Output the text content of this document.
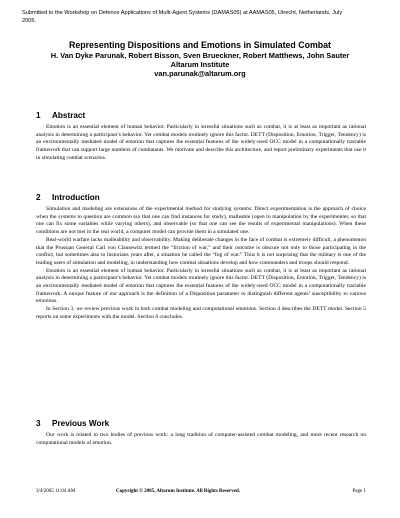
Submitted to the Workshop on Defence Applications of Multi-Agent Systems (DAMAS05) at AAMAS05, Utrecht, Netherlands, July 2005.
Representing Dispositions and Emotions in Simulated Combat
H. Van Dyke Parunak, Robert Bisson, Sven Brueckner, Robert Matthews, John Sauter
Altarum Institute
van.parunak@altarum.org
1 Abstract

Emotion is an essential element of human behavior. Particularly in stressful situations such as combat, it is at least as important as rational analysis in determining a participant’s behavior. Yet combat models routinely ignore this factor. DETT (Disposition, Emotion, Trigger, Tendency) is an environmentally mediated model of emotion that captures the essential features of the widely-used OCC model in a computationally tractable framework that can support large numbers of combatants. We motivate and describe this architecture, and report preliminary experiments that use it in simulating combat scenarios.

2 Introduction

Simulation and modeling are extensions of the experimental method for studying systems: Direct experimentation is the approach of choice when the systems in question are common (so that one can find instances for study), malleable (open to manipulation by the experimenter, so that one can fix some variables while varying others), and observable (so that one can see the results of experimental manipulations). When these conditions are not met in the real world, a computer model can provide them in a simulated one.

Real-world warfare lacks malleability and observability. Making deliberate changes in the face of combat is extremely difficult, a phenomenon that the Prussian General Carl von Clausewitz termed the “friction of war,” and their outcome is obscure not only to those participating in the conflict, but sometimes also to historians years after, a situation he called the “fog of war.” Thus it is not surprising that the military is one of the leading users of simulation and modeling, in understanding how combat situations develop and how commanders and troops should respond.

Emotion is an essential element of human behavior. Particularly in stressful situations such as combat, it is at least as important as rational analysis in determining a participant’s behavior. Yet combat models routinely ignore this factor. DETT (Disposition, Emotion, Trigger, Tendency) is an environmentally mediated model of emotion that captures the essential features of the widely-used OCC model in a computationally tractable framework. A unique feature of our approach is the definition of a Disposition parameter to distinguish different agents’ susceptibility to various emotions.

In Section 3, we review previous work in both combat modeling and computational emotions. Section 4 describes the DETT model. Section 5 reports on some experiments with the model. Section 6 concludes.

3 Previous Work

Our work is related to two bodies of previous work: a long tradition of computer-assisted combat modeling, and more recent research on computational models of emotion.

3/4/2005 11:04 AM	Copyright © 2005, Altarum Institute. All Rights Reserved.	Page 1
